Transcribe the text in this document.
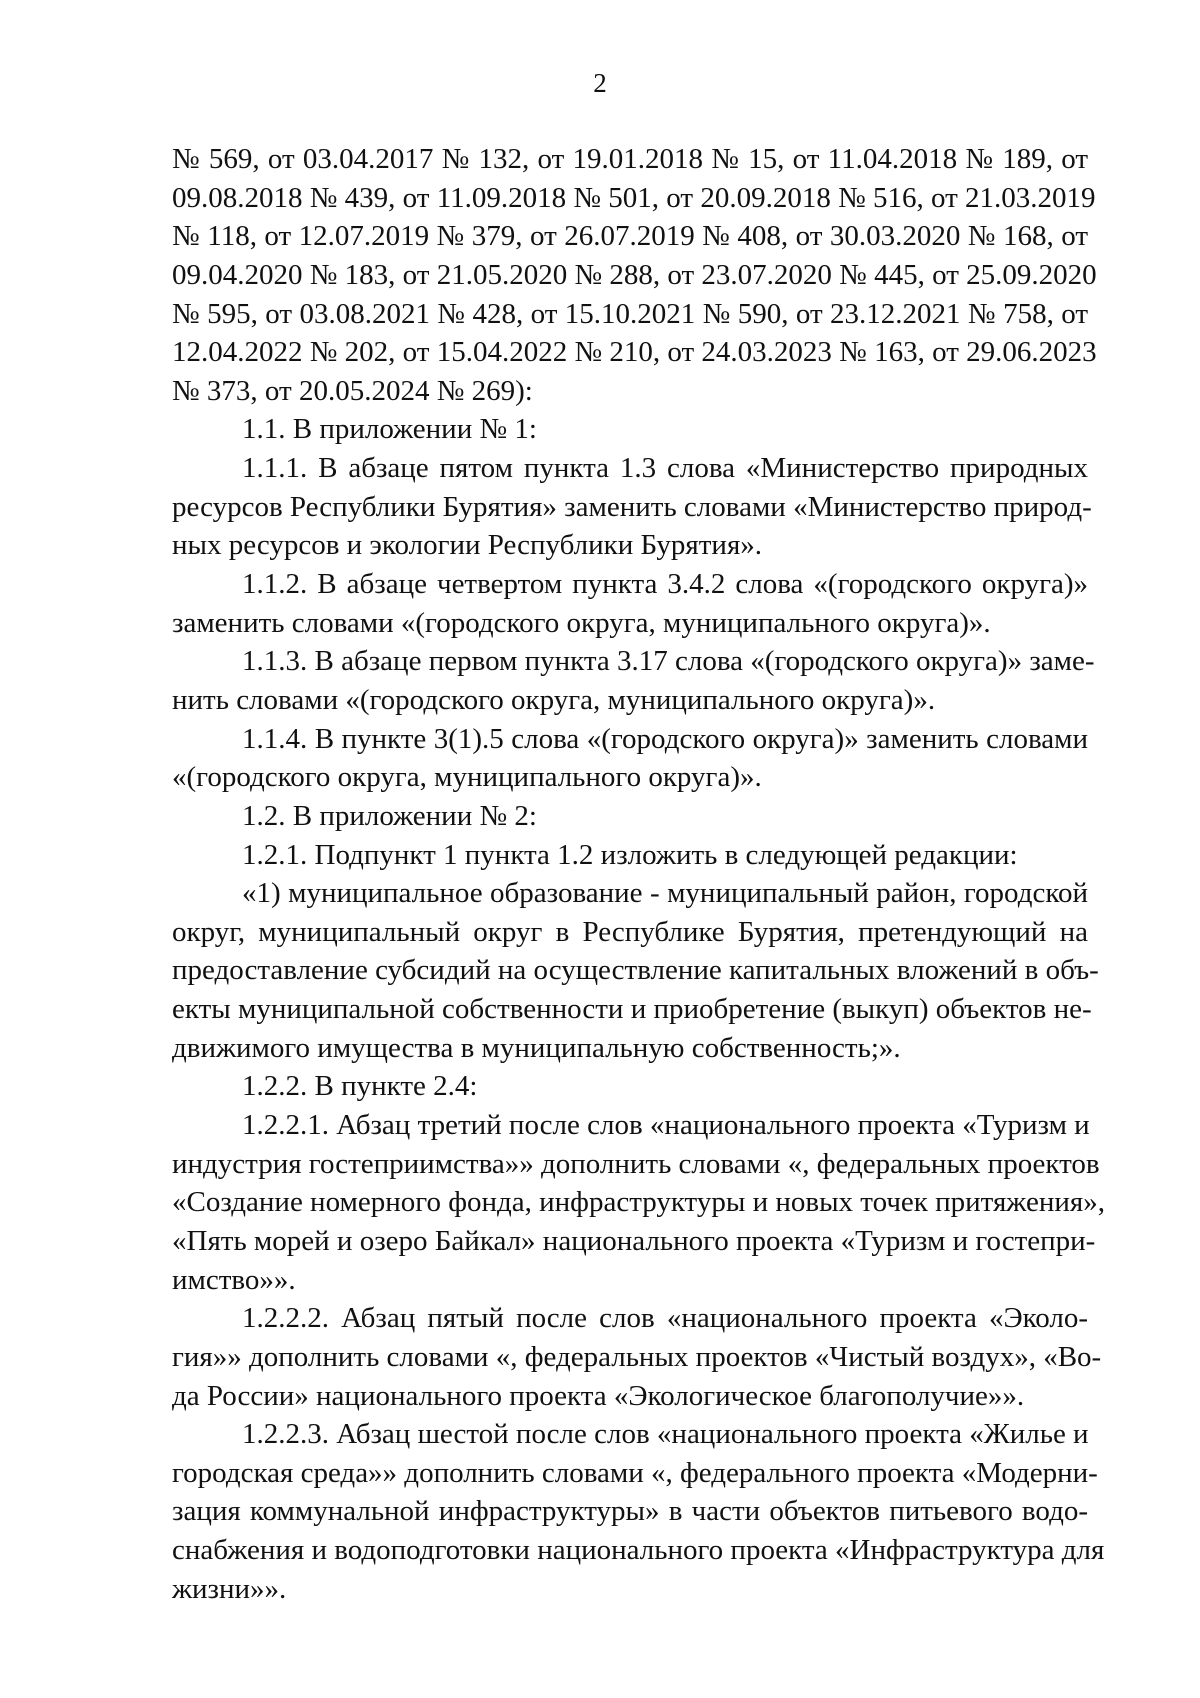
2
№ 569, от 03.04.2017 № 132, от 19.01.2018 № 15, от 11.04.2018 № 189, от
09.08.2018 № 439, от 11.09.2018 № 501, от 20.09.2018 № 516, от 21.03.2019
№ 118, от 12.07.2019 № 379, от 26.07.2019 № 408, от 30.03.2020 № 168, от
09.04.2020 № 183, от 21.05.2020 № 288, от 23.07.2020 № 445, от 25.09.2020
№ 595, от 03.08.2021 № 428, от 15.10.2021 № 590, от 23.12.2021 № 758, от
12.04.2022 № 202, от 15.04.2022 № 210, от 24.03.2023 № 163, от 29.06.2023
№ 373, от 20.05.2024 № 269):
1.1. В приложении № 1:
1.1.1. В абзаце пятом пункта 1.3 слова «Министерство природных
ресурсов Республики Бурятия» заменить словами «Министерство природ-
ных ресурсов и экологии Республики Бурятия».
1.1.2. В абзаце четвертом пункта 3.4.2 слова «(городского округа)»
заменить словами «(городского округа, муниципального округа)».
1.1.3. В абзаце первом пункта 3.17 слова «(городского округа)» заме-
нить словами «(городского округа, муниципального округа)».
1.1.4. В пункте 3(1).5 слова «(городского округа)» заменить словами
«(городского округа, муниципального округа)».
1.2. В приложении № 2:
1.2.1. Подпункт 1 пункта 1.2 изложить в следующей редакции:
«1) муниципальное образование - муниципальный район, городской
округ, муниципальный округ в Республике Бурятия, претендующий на
предоставление субсидий на осуществление капитальных вложений в объ-
екты муниципальной собственности и приобретение (выкуп) объектов не-
движимого имущества в муниципальную собственность;».
1.2.2. В пункте 2.4:
1.2.2.1. Абзац третий после слов «национального проекта «Туризм и
индустрия гостеприимства»» дополнить словами «, федеральных проектов
«Создание номерного фонда, инфраструктуры и новых точек притяжения»,
«Пять морей и озеро Байкал» национального проекта «Туризм и гостепри-
имство»».
1.2.2.2. Абзац пятый после слов «национального проекта «Эколо-
гия»» дополнить словами «, федеральных проектов «Чистый воздух», «Во-
да России» национального проекта «Экологическое благополучие»».
1.2.2.3. Абзац шестой после слов «национального проекта «Жилье и
городская среда»» дополнить словами «, федерального проекта «Модерни-
зация коммунальной инфраструктуры» в части объектов питьевого водо-
снабжения и водоподготовки национального проекта «Инфраструктура для
жизни»».
